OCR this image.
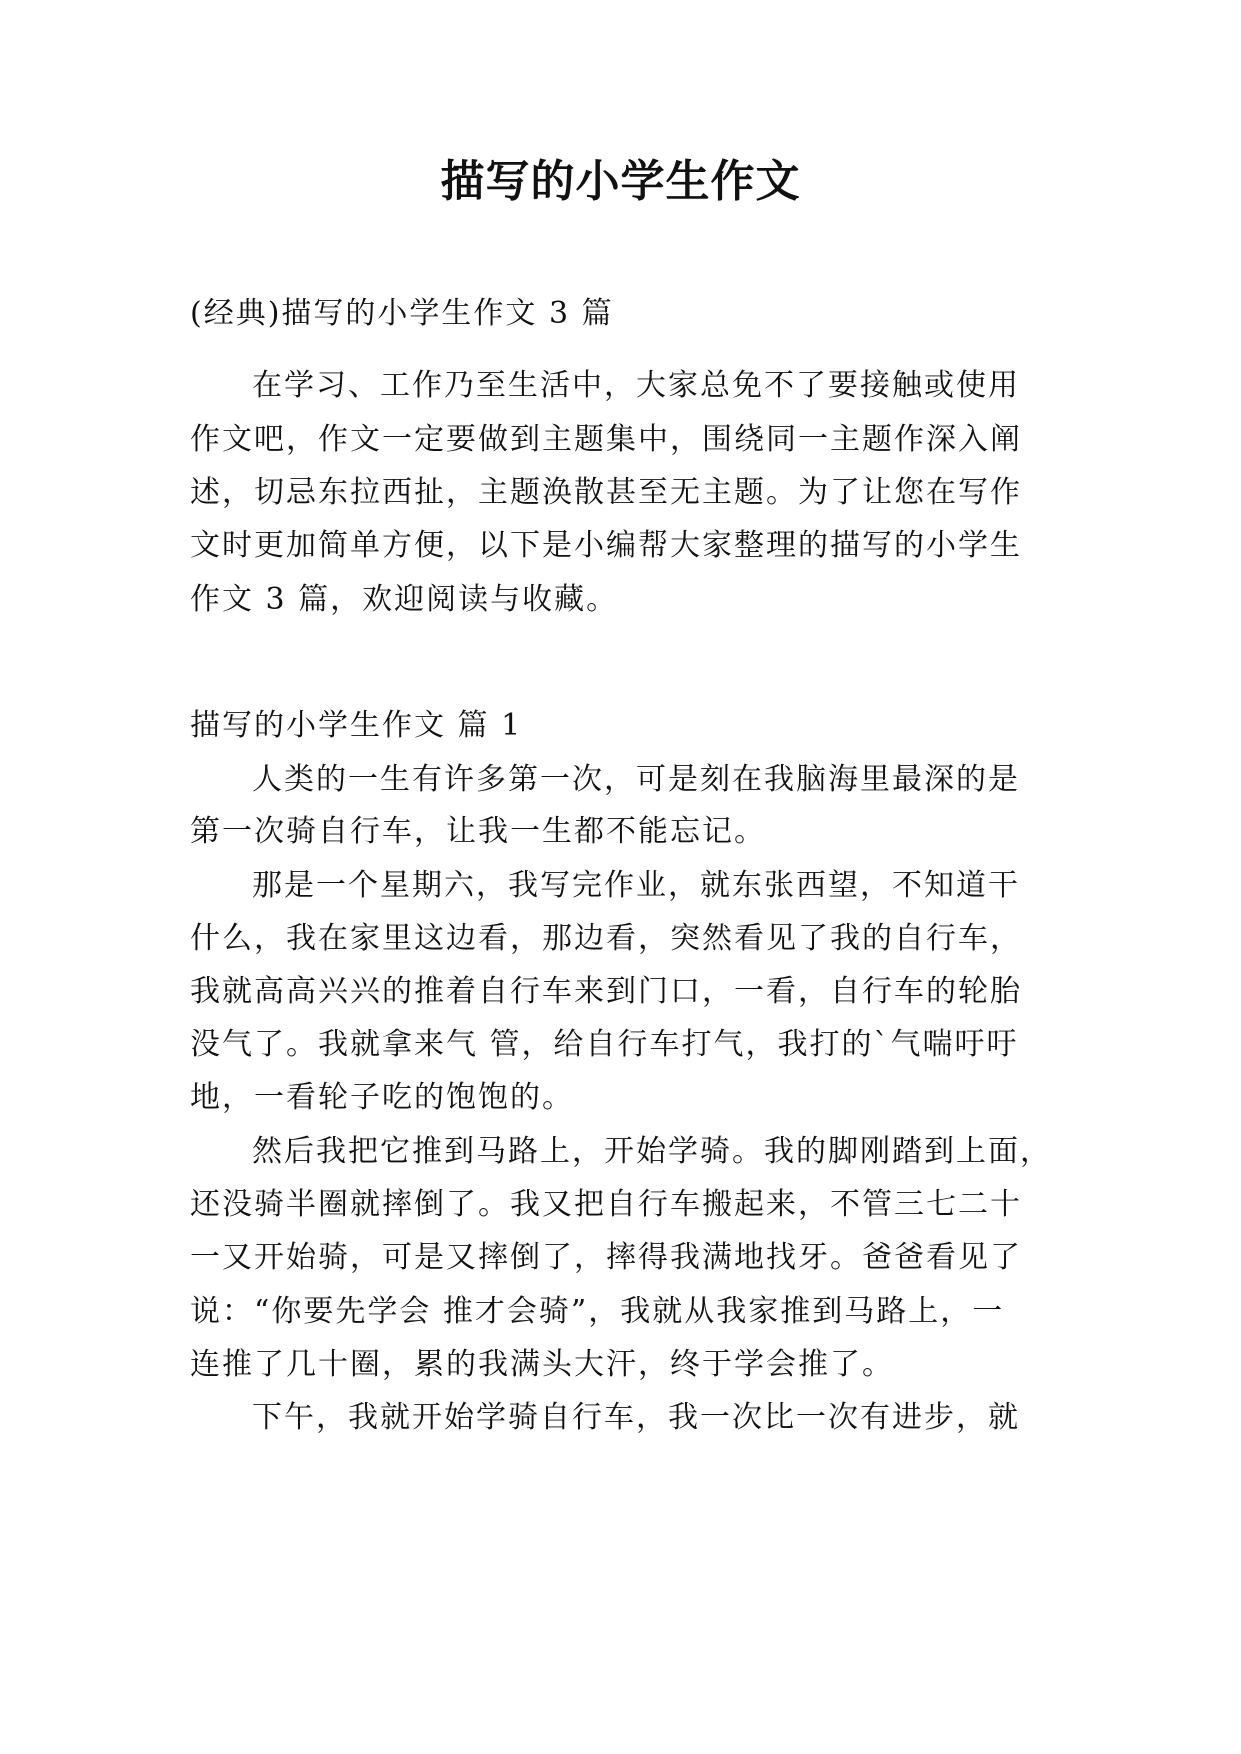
描写的小学生作文
(经典)描写的小学生作文 3 篇
在学习、工作乃至生活中，大家总免不了要接触或使用
作文吧，作文一定要做到主题集中，围绕同一主题作深入阐
述，切忌东拉西扯，主题涣散甚至无主题。为了让您在写作
文时更加简单方便，以下是小编帮大家整理的描写的小学生
作文 3 篇，欢迎阅读与收藏。
描写的小学生作文 篇 1
人类的一生有许多第一次，可是刻在我脑海里最深的是
第一次骑自行车，让我一生都不能忘记。
那是一个星期六，我写完作业，就东张西望，不知道干
什么，我在家里这边看，那边看，突然看见了我的自行车，
我就高高兴兴的推着自行车来到门口，一看，自行车的轮胎
没气了。我就拿来气 管，给自行车打气，我打的`气喘吁吁
地，一看轮子吃的饱饱的。
然后我把它推到马路上，开始学骑。我的脚刚踏到上面，
还没骑半圈就摔倒了。我又把自行车搬起来，不管三七二十
一又开始骑，可是又摔倒了，摔得我满地找牙。爸爸看见了
说：“你要先学会 推才会骑”，我就从我家推到马路上，一
连推了几十圈，累的我满头大汗，终于学会推了。
下午，我就开始学骑自行车，我一次比一次有进步，就
